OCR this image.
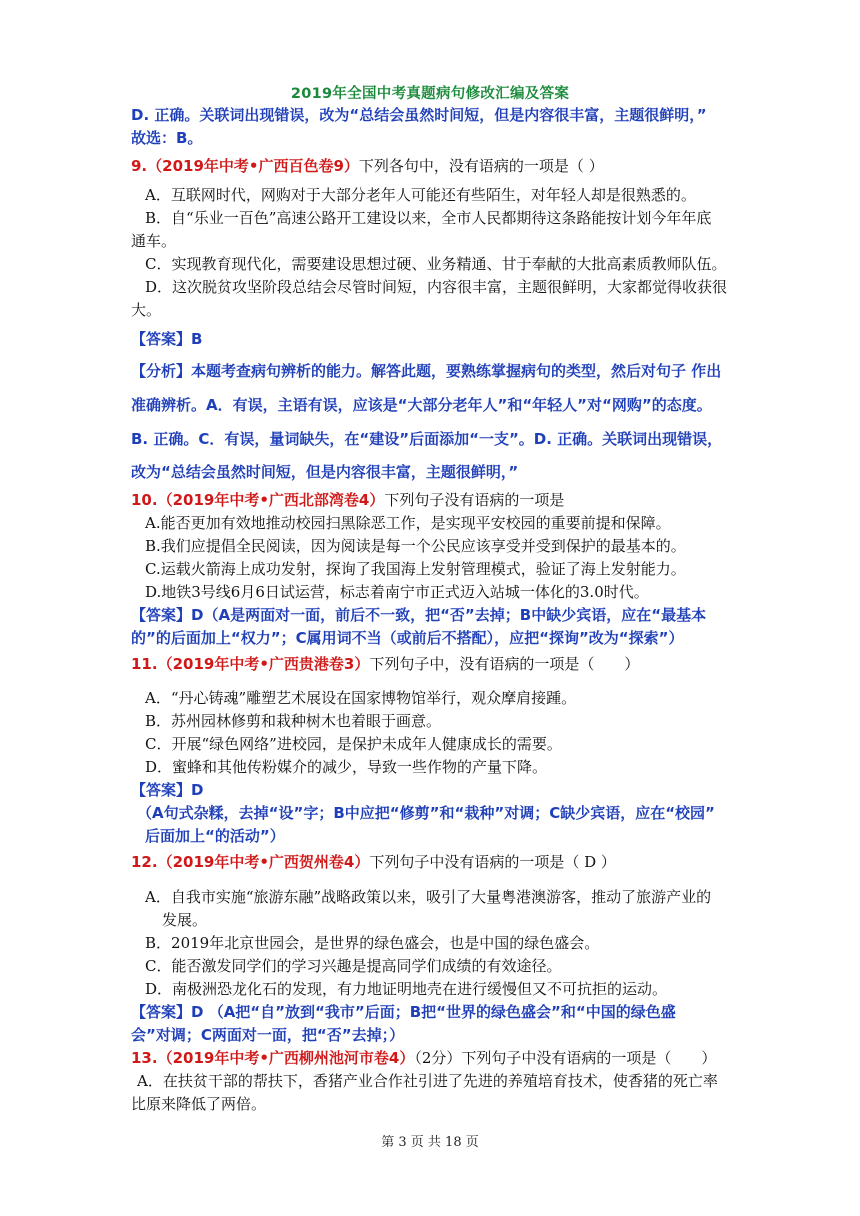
2019年全国中考真题病句修改汇编及答案
D. 正确。关联词出现错误，改为“总结会虽然时间短，但是内容很丰富，主题很鲜明，”
故选：B。
9.（2019年中考•广西百色卷9）下列各句中，没有语病的一项是（ ）
A．互联网时代，网购对于大部分老年人可能还有些陌生，对年轻人却是很熟悉的。
B．自“乐业一百色”高速公路开工建设以来，全市人民都期待这条路能按计划今年年底
通车。
C．实现教育现代化，需要建设思想过硬、业务精通、甘于奉献的大批高素质教师队伍。
D．这次脱贫攻坚阶段总结会尽管时间短，内容很丰富，主题很鲜明，大家都觉得收获很
大。
【答案】B
【分析】本题考查病句辨析的能力。解答此题，要熟练掌握病句的类型，然后对句子 作出
准确辨析。A．有误，主语有误，应该是“大部分老年人”和“年轻人”对“网购”的态度。
B. 正确。C．有误，量词缺失，在“建设”后面添加“一支”。D. 正确。关联词出现错误，
改为“总结会虽然时间短，但是内容很丰富，主题很鲜明，”
10.（2019年中考•广西北部湾卷4）下列句子没有语病的一项是
A.能否更加有效地推动校园扫黑除恶工作，是实现平安校园的重要前提和保障。
B.我们应提倡全民阅读，因为阅读是每一个公民应该享受并受到保护的最基本的。
C.运载火箭海上成功发射，探询了我国海上发射管理模式，验证了海上发射能力。
D.地铁3号线6月6日试运营，标志着南宁市正式迈入站城一体化的3.0时代。
【答案】D（A是两面对一面，前后不一致，把“否”去掉；B中缺少宾语，应在“最基本
的”的后面加上“权力”；C属用词不当（或前后不搭配），应把“探询”改为“探索”）
11.（2019年中考•广西贵港卷3）下列句子中，没有语病的一项是（　　）
A．“丹心铸魂”雕塑艺术展设在国家博物馆举行，观众摩肩接踵。
B．苏州园林修剪和栽种树木也着眼于画意。
C．开展“绿色网络”进校园，是保护未成年人健康成长的需要。
D．蜜蜂和其他传粉媒介的减少，导致一些作物的产量下降。
【答案】D
（A句式杂糅，去掉“设”字；B中应把“修剪”和“栽种”对调；C缺少宾语，应在“校园”
后面加上“的活动”）
12.（2019年中考•广西贺州卷4）下列句子中没有语病的一项是（ D ）
A．自我市实施“旅游东融”战略政策以来，吸引了大量粤港澳游客，推动了旅游产业的
发展。
B．2019年北京世园会，是世界的绿色盛会，也是中国的绿色盛会。
C．能否激发同学们的学习兴趣是提高同学们成绩的有效途径。
D．南极洲恐龙化石的发现，有力地证明地壳在进行缓慢但又不可抗拒的运动。
【答案】D （A把“自”放到“我市”后面；B把“世界的绿色盛会”和“中国的绿色盛
会”对调；C两面对一面，把“否”去掉；）
13.（2019年中考•广西柳州池河市卷4）（2分）下列句子中没有语病的一项是（　　）
A．在扶贫干部的帮扶下，香猪产业合作社引进了先进的养殖培育技术，使香猪的死亡率
比原来降低了两倍。
第 3 页 共 18 页
